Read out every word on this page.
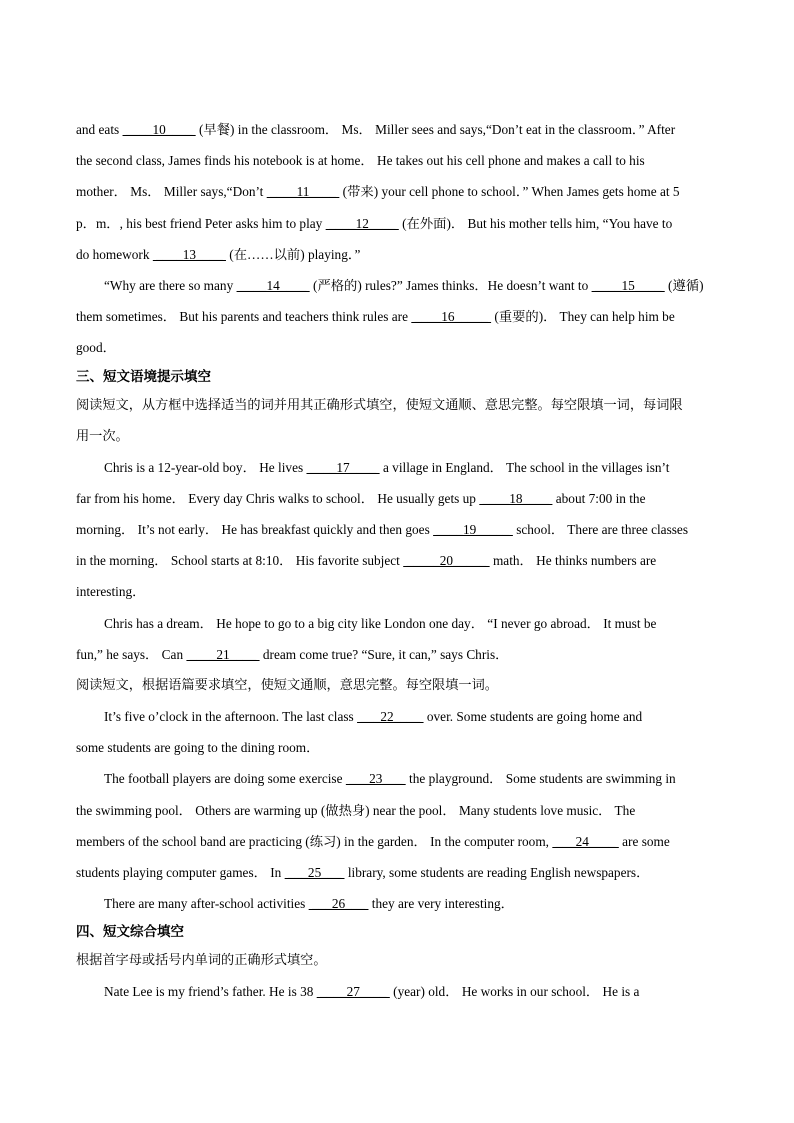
and eats  ____10____  (早餐) in the classroom． Ms． Miller sees and says,“Don’t eat in the classroom．” After

the second class, James finds his notebook is at home． He takes out his cell phone and makes a call to his

mother． Ms． Miller says,“Don’t  ____11____  (带来) your cell phone to school．” When James gets home at 5

p．m．, his best friend Peter asks him to play  ____12____  (在外面)． But his mother tells him, “You have to

do homework  ____13____  (在……以前) playing．”

“Why are there so many  ____14____  (严格的) rules?” James thinks．He doesn’t want to  ____15____  (遵循)

them sometimes． But his parents and teachers think rules are  ____16_____  (重要的)． They can help him be

good．

三、短文语境提示填空

阅读短文，从方框中选择适当的词并用其正确形式填空，使短文通顺、意思完整。每空限填一词，每词限

用一次。

Chris is a 12-year-old boy． He lives  ____17____  a village in England． The school in the villages isn’t

far from his home． Every day Chris walks to school． He usually gets up  ____18____  about 7:00 in the

morning． It’s not early． He has breakfast quickly and then goes  ____19_____  school． There are three classes

in the morning． School starts at 8:10． His favorite subject  _____20_____  math． He thinks numbers are

interesting．

Chris has a dream． He hope to go to a big city like London one day． “I never go abroad． It must be

fun,” he says． Can  ____21____  dream come true? “Sure, it can,” says Chris．

阅读短文，根据语篇要求填空，使短文通顺，意思完整。每空限填一词。

It’s five o’clock in the afternoon. The last class  ___22____  over. Some students are going home and

some students are going to the dining room．

The football players are doing some exercise  ___23___  the playground． Some students are swimming in

the swimming pool． Others are warming up (做热身) near the pool． Many students love music． The

members of the school band are practicing (练习) in the garden． In the computer room,  ___24____  are some

students playing computer games． In  ___25___  library, some students are reading English newspapers．

There are many after-school activities  ___26___  they are very interesting．

四、短文综合填空

根据首字母或括号内单词的正确形式填空。

Nate Lee is my friend’s father. He is 38  ____27____  (year) old． He works in our school． He is a
